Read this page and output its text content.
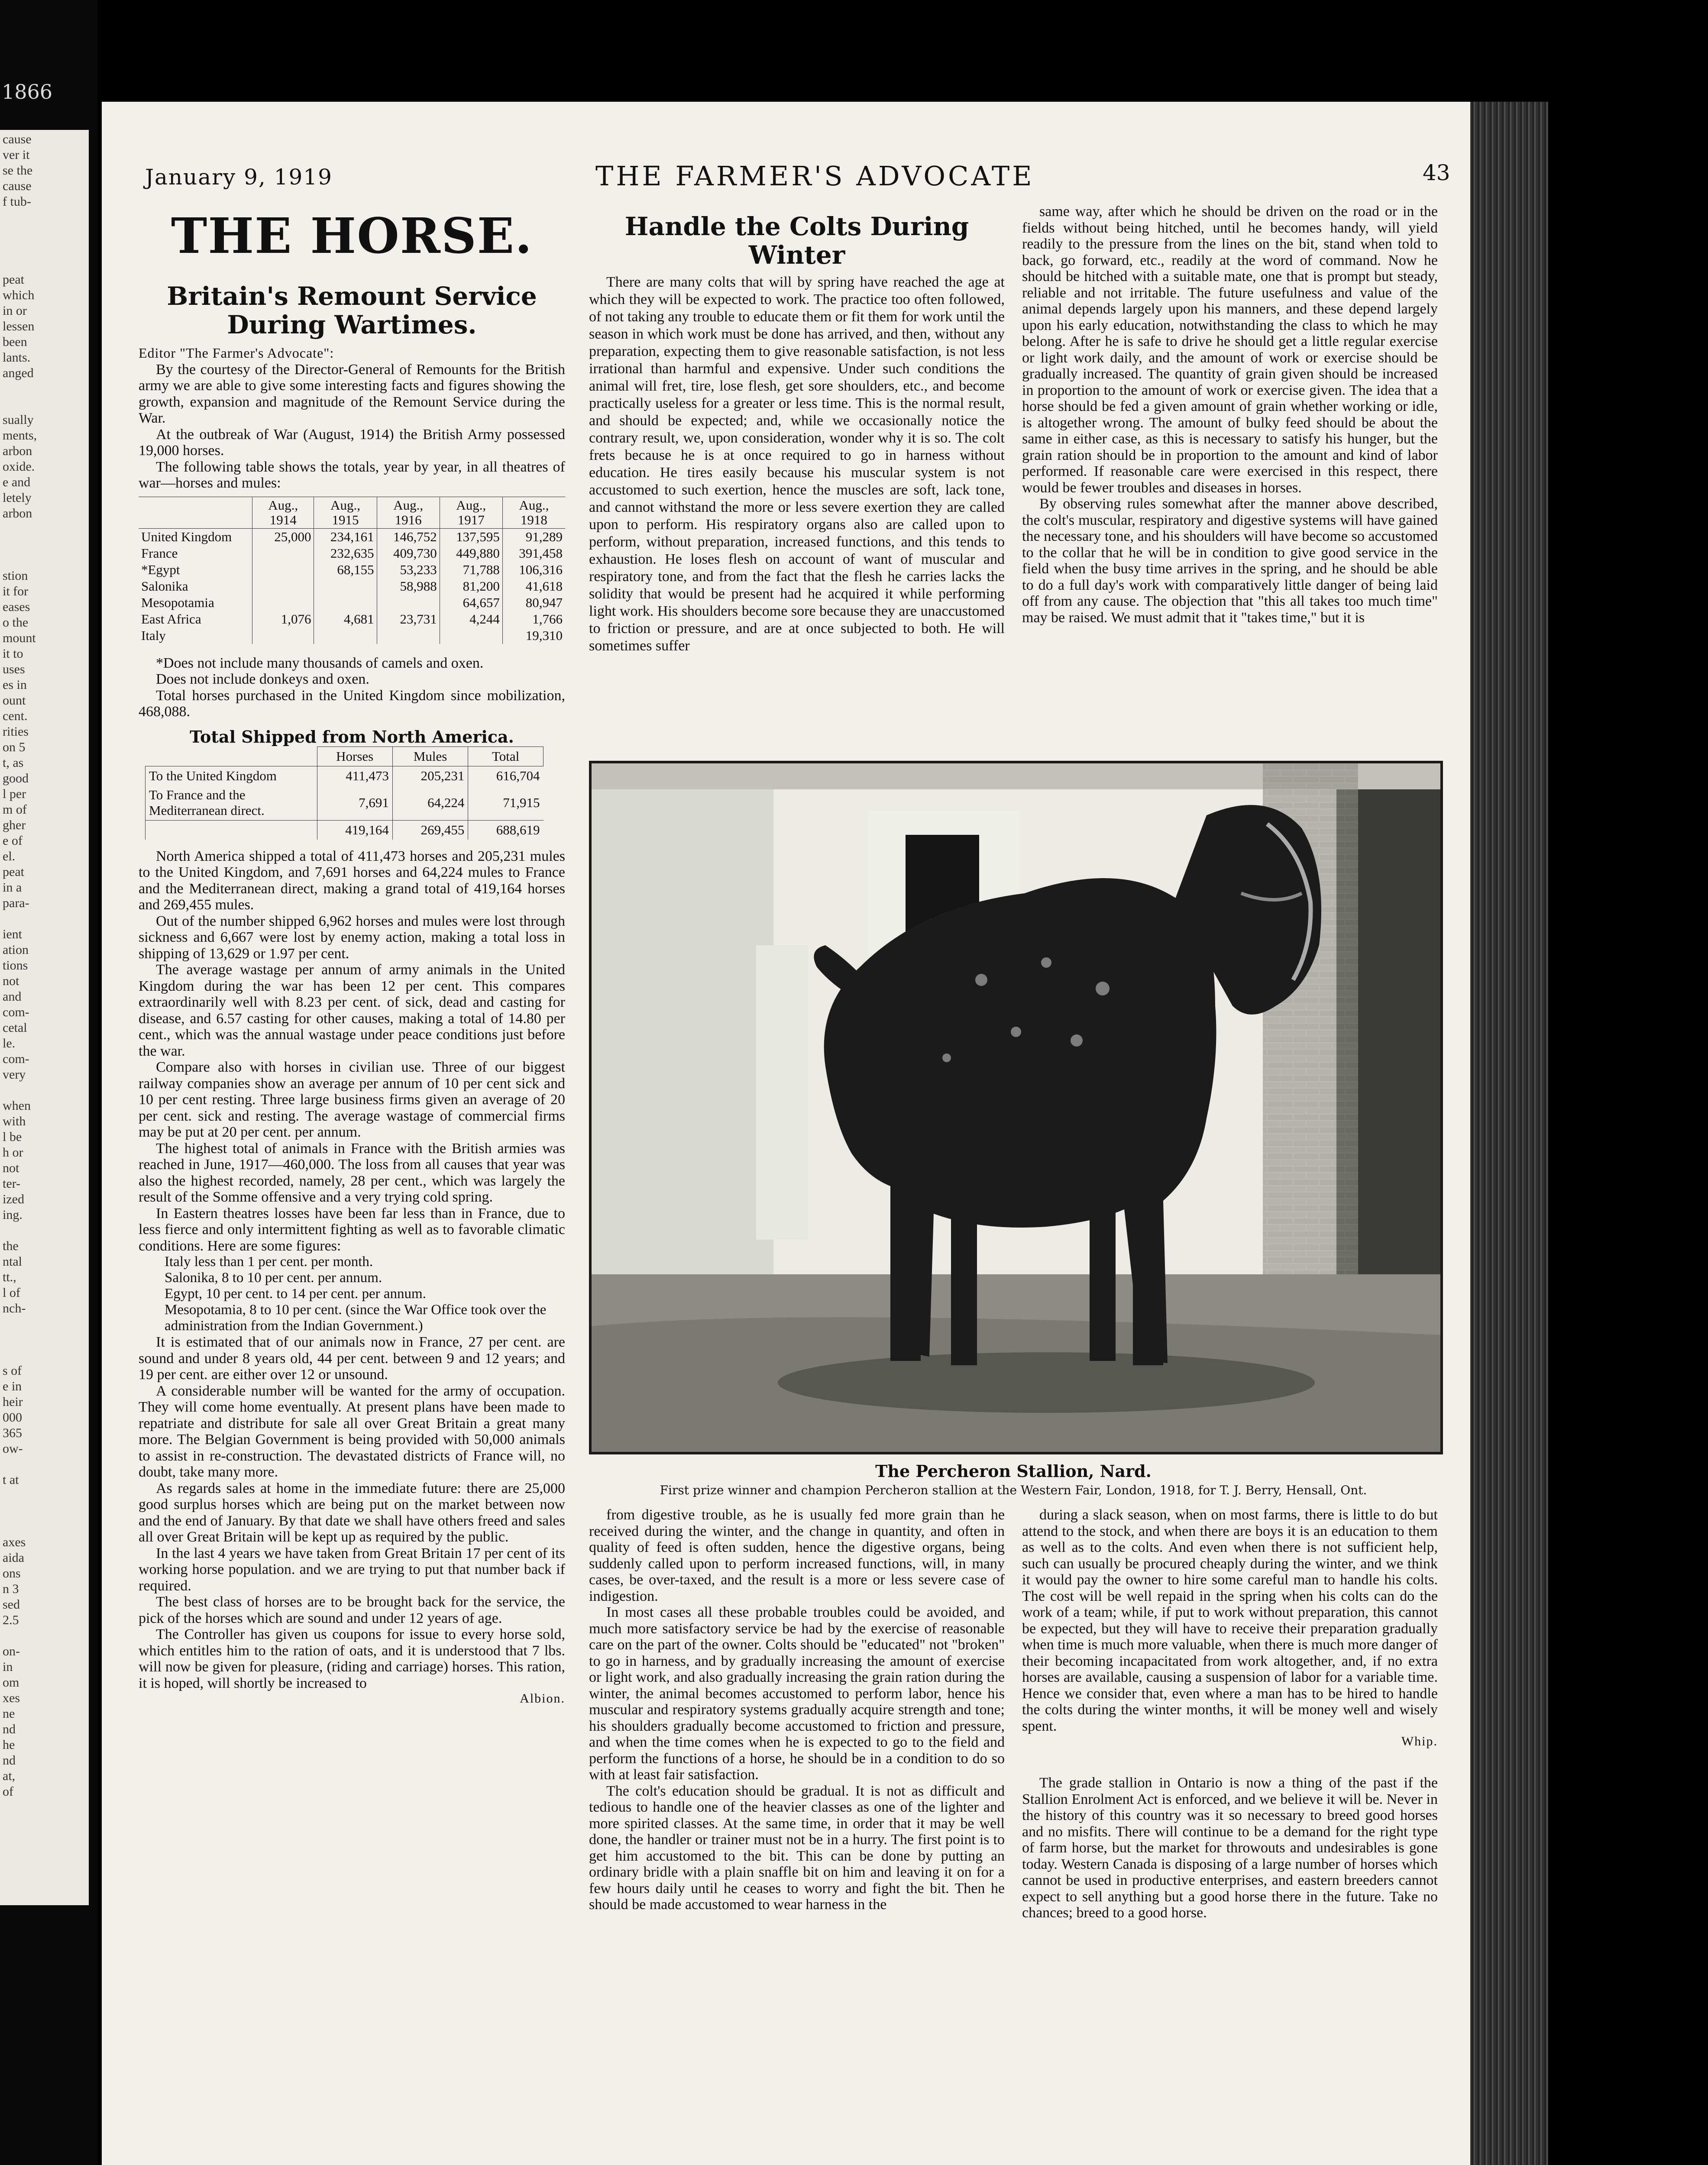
1866
cause
ver it
se the
cause
f tub-
peat
which
in or
lessen
been
lants.
anged
sually
ments,
arbon
oxide.
e and
letely
arbon
stion
it for
eases
o the
mount
it to
uses
es in
ount
cent.
rities
on 5
t, as
good
l per
m of
gher
e of
el.
peat
in a
para-
ient
ation
tions
not
and
com-
cetal
le.
com-
very
when
with
l be
h or
not
ter-
ized
ing.
the
ntal
tt.,
l of
nch-
s of
e in
heir
000
365
ow-
t at
axes
aida
ons
n 3
sed
2.5
on-
in
om
xes
ne
nd
he
nd
at,
of
January 9, 1919	THE FARMER'S ADVOCATE	43
THE HORSE.
Britain's Remount Service During Wartimes.

Editor "The Farmer's Advocate":

By the courtesy of the Director-General of Remounts for the British army we are able to give some interesting facts and figures showing the growth, expansion and magnitude of the Remount Service during the War.

At the outbreak of War (August, 1914) the British Army possessed 19,000 horses.

The following table shows the totals, year by year, in all theatres of war—horses and mules:

	Aug., 1914	Aug., 1915	Aug., 1916	Aug., 1917	Aug., 1918
United Kingdom	25,000	234,161	146,752	137,595	91,289
France		232,635	409,730	449,880	391,458
*Egypt		68,155	53,233	71,788	106,316
Salonika			58,988	81,200	41,618
Mesopotamia				64,657	80,947
East Africa	1,076	4,681	23,731	4,244	1,766
Italy					19,310

*Does not include many thousands of camels and oxen.

Does not include donkeys and oxen.

Total horses purchased in the United Kingdom since mobilization, 468,088.

Total Shipped from North America.

	Horses	Mules	Total
To the United Kingdom	411,473	205,231	616,704
To France and the Mediterranean direct.	7,691	64,224	71,915
	419,164	269,455	688,619

North America shipped a total of 411,473 horses and 205,231 mules to the United Kingdom, and 7,691 horses and 64,224 mules to France and the Mediterranean direct, making a grand total of 419,164 horses and 269,455 mules.

Out of the number shipped 6,962 horses and mules were lost through sickness and 6,667 were lost by enemy action, making a total loss in shipping of 13,629 or 1.97 per cent.

The average wastage per annum of army animals in the United Kingdom during the war has been 12 per cent. This compares extraordinarily well with 8.23 per cent. of sick, dead and casting for disease, and 6.57 casting for other causes, making a total of 14.80 per cent., which was the annual wastage under peace conditions just before the war.

Compare also with horses in civilian use. Three of our biggest railway companies show an average per annum of 10 per cent sick and 10 per cent resting. Three large business firms given an average of 20 per cent. sick and resting. The average wastage of commercial firms may be put at 20 per cent. per annum.

The highest total of animals in France with the British armies was reached in June, 1917—460,000. The loss from all causes that year was also the highest recorded, namely, 28 per cent., which was largely the result of the Somme offensive and a very trying cold spring.

In Eastern theatres losses have been far less than in France, due to less fierce and only intermittent fighting as well as to favorable climatic conditions. Here are some figures:

Italy less than 1 per cent. per month.

Salonika, 8 to 10 per cent. per annum.

Egypt, 10 per cent. to 14 per cent. per annum.

Mesopotamia, 8 to 10 per cent. (since the War Office took over the administration from the Indian Government.)

It is estimated that of our animals now in France, 27 per cent. are sound and under 8 years old, 44 per cent. between 9 and 12 years; and 19 per cent. are either over 12 or unsound.

A considerable number will be wanted for the army of occupation. They will come home eventually. At present plans have been made to repatriate and distribute for sale all over Great Britain a great many more. The Belgian Government is being provided with 50,000 animals to assist in re-construction. The devastated districts of France will, no doubt, take many more.

As regards sales at home in the immediate future: there are 25,000 good surplus horses which are being put on the market between now and the end of January. By that date we shall have others freed and sales all over Great Britain will be kept up as required by the public.

In the last 4 years we have taken from Great Britain 17 per cent of its working horse population. and we are trying to put that number back if required.

The best class of horses are to be brought back for the service, the pick of the horses which are sound and under 12 years of age.

The Controller has given us coupons for issue to every horse sold, which entitles him to the ration of oats, and it is understood that 7 lbs. will now be given for pleasure, (riding and carriage) horses. This ration, it is hoped, will shortly be increased to

Albion.

Handle the Colts During Winter

There are many colts that will by spring have reached the age at which they will be expected to work. The practice too often followed, of not taking any trouble to educate them or fit them for work until the season in which work must be done has arrived, and then, without any preparation, expecting them to give reasonable satisfaction, is not less irrational than harmful and expensive. Under such conditions the animal will fret, tire, lose flesh, get sore shoulders, etc., and become practically useless for a greater or less time. This is the normal result, and should be expected; and, while we occasionally notice the contrary result, we, upon consideration, wonder why it is so. The colt frets because he is at once required to go in harness without education. He tires easily because his muscular system is not accustomed to such exertion, hence the muscles are soft, lack tone, and cannot withstand the more or less severe exertion they are called upon to perform. His respiratory organs also are called upon to perform, without preparation, increased functions, and this tends to exhaustion. He loses flesh on account of want of muscular and respiratory tone, and from the fact that the flesh he carries lacks the solidity that would be present had he acquired it while performing light work. His shoulders become sore because they are unaccustomed to friction or pressure, and are at once subjected to both. He will sometimes suffer

same way, after which he should be driven on the road or in the fields without being hitched, until he becomes handy, will yield readily to the pressure from the lines on the bit, stand when told to back, go forward, etc., readily at the word of command. Now he should be hitched with a suitable mate, one that is prompt but steady, reliable and not irritable. The future usefulness and value of the animal depends largely upon his manners, and these depend largely upon his early education, notwithstanding the class to which he may belong. After he is safe to drive he should get a little regular exercise or light work daily, and the amount of work or exercise should be gradually increased. The quantity of grain given should be increased in proportion to the amount of work or exercise given. The idea that a horse should be fed a given amount of grain whether working or idle, is altogether wrong. The amount of bulky feed should be about the same in either case, as this is necessary to satisfy his hunger, but the grain ration should be in proportion to the amount and kind of labor performed. If reasonable care were exercised in this respect, there would be fewer troubles and diseases in horses.

By observing rules somewhat after the manner above described, the colt's muscular, respiratory and digestive systems will have gained the necessary tone, and his shoulders will have become so accustomed to the collar that he will be in condition to give good service in the field when the busy time arrives in the spring, and he should be able to do a full day's work with comparatively little danger of being laid off from any cause. The objection that "this all takes too much time" may be raised. We must admit that it "takes time," but it is

The Percheron Stallion, Nard.

First prize winner and champion Percheron stallion at the Western Fair, London, 1918, for T. J. Berry, Hensall, Ont.

from digestive trouble, as he is usually fed more grain than he received during the winter, and the change in quantity, and often in quality of feed is often sudden, hence the digestive organs, being suddenly called upon to perform increased functions, will, in many cases, be over-taxed, and the result is a more or less severe case of indigestion.

In most cases all these probable troubles could be avoided, and much more satisfactory service be had by the exercise of reasonable care on the part of the owner. Colts should be "educated" not "broken" to go in harness, and by gradually increasing the amount of exercise or light work, and also gradually increasing the grain ration during the winter, the animal becomes accustomed to perform labor, hence his muscular and respiratory systems gradually acquire strength and tone; his shoulders gradually become accustomed to friction and pressure, and when the time comes when he is expected to go to the field and perform the functions of a horse, he should be in a condition to do so with at least fair satisfaction.

The colt's education should be gradual. It is not as difficult and tedious to handle one of the heavier classes as one of the lighter and more spirited classes. At the same time, in order that it may be well done, the handler or trainer must not be in a hurry. The first point is to get him accustomed to the bit. This can be done by putting an ordinary bridle with a plain snaffle bit on him and leaving it on for a few hours daily until he ceases to worry and fight the bit. Then he should be made accustomed to wear harness in the

during a slack season, when on most farms, there is little to do but attend to the stock, and when there are boys it is an education to them as well as to the colts. And even when there is not sufficient help, such can usually be procured cheaply during the winter, and we think it would pay the owner to hire some careful man to handle his colts. The cost will be well repaid in the spring when his colts can do the work of a team; while, if put to work without preparation, this cannot be expected, but they will have to receive their preparation gradually when time is much more valuable, when there is much more danger of their becoming incapacitated from work altogether, and, if no extra horses are available, causing a suspension of labor for a variable time. Hence we consider that, even where a man has to be hired to handle the colts during the winter months, it will be money well and wisely spent.

Whip.

The grade stallion in Ontario is now a thing of the past if the Stallion Enrolment Act is enforced, and we believe it will be. Never in the history of this country was it so necessary to breed good horses and no misfits. There will continue to be a demand for the right type of farm horse, but the market for throwouts and undesirables is gone today. Western Canada is disposing of a large number of horses which cannot be used in productive enterprises, and eastern breeders cannot expect to sell anything but a good horse there in the future. Take no chances; breed to a good horse.
